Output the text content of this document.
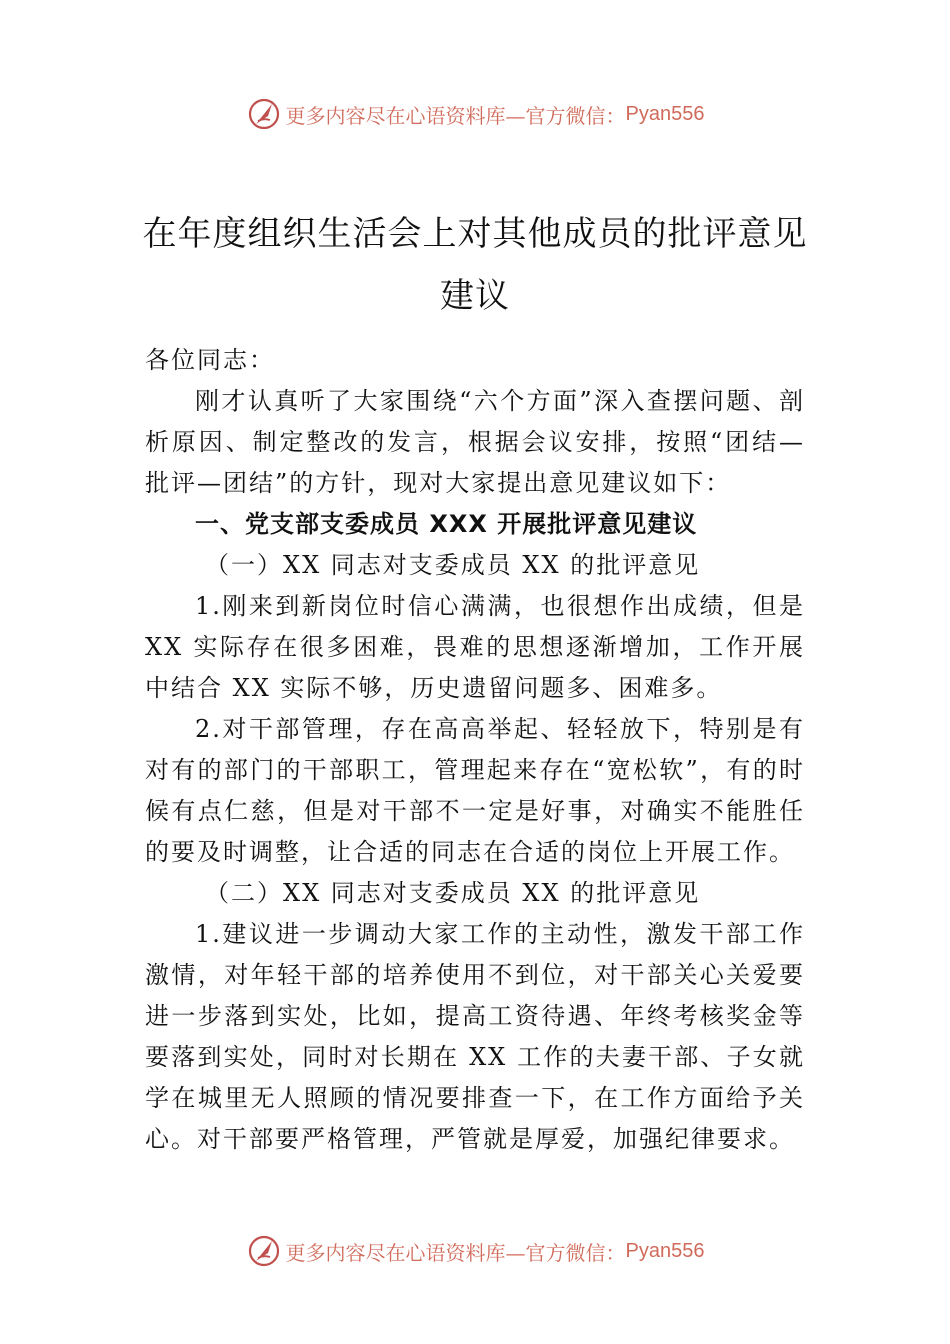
更多内容尽在心语资料库—官方微信： Pyan556
在年度组织生活会上对其他成员的批评意见建议

各位同志：

刚才认真听了大家围绕“六个方面”深入查摆问题、剖析原因、制定整改的发言，根据会议安排，按照“团结—批评—团结”的方针，现对大家提出意见建议如下：

一、党支部支委成员 XXX 开展批评意见建议

（一）XX 同志对支委成员 XX 的批评意见

1.刚来到新岗位时信心满满，也很想作出成绩，但是 XX 实际存在很多困难，畏难的思想逐渐增加，工作开展中结合 XX 实际不够，历史遗留问题多、困难多。

2.对干部管理，存在高高举起、轻轻放下，特别是有对有的部门的干部职工，管理起来存在“宽松软”，有的时候有点仁慈，但是对干部不一定是好事，对确实不能胜任的要及时调整，让合适的同志在合适的岗位上开展工作。

（二）XX 同志对支委成员 XX 的批评意见

1.建议进一步调动大家工作的主动性，激发干部工作激情，对年轻干部的培养使用不到位，对干部关心关爱要进一步落到实处，比如，提高工资待遇、年终考核奖金等要落到实处，同时对长期在 XX 工作的夫妻干部、子女就学在城里无人照顾的情况要排查一下，在工作方面给予关心。对干部要严格管理，严管就是厚爱，加强纪律要求。

更多内容尽在心语资料库—官方微信： Pyan556
